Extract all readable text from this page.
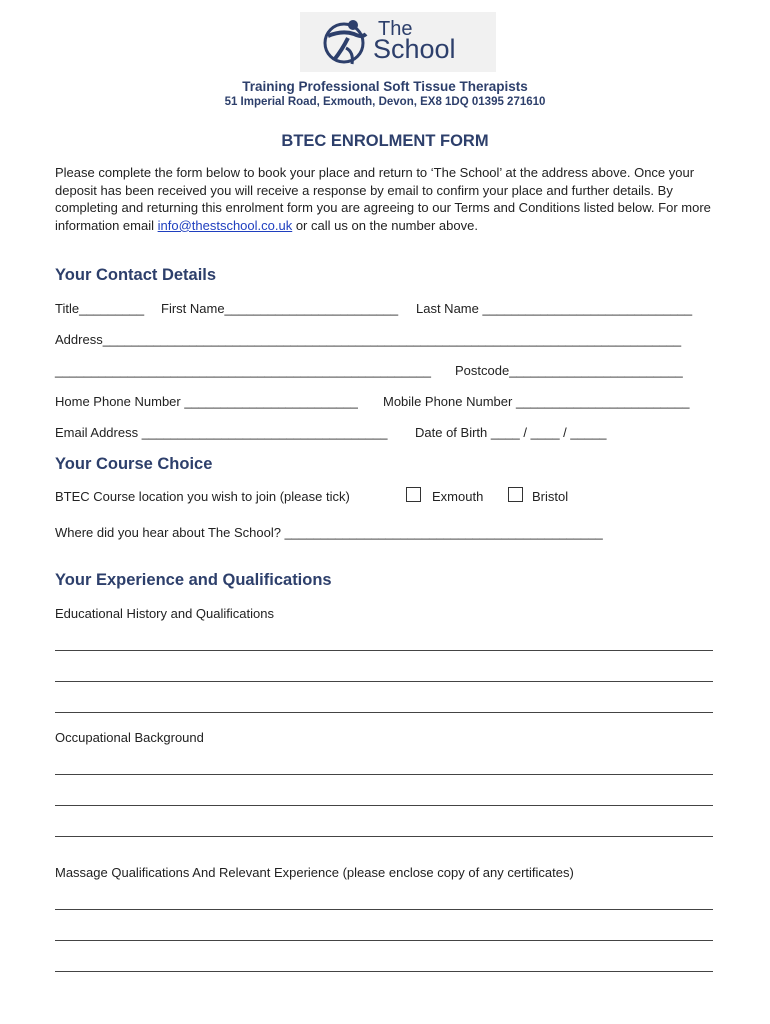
The
School
Training Professional Soft Tissue Therapists
51 Imperial Road, Exmouth, Devon, EX8 1DQ 01395 271610
BTEC ENROLMENT FORM
Please complete the form below to book your place and return to ‘The School’ at the address above. Once your deposit has been received you will receive a response by email to confirm your place and further details. By completing and returning this enrolment form you are agreeing to our Terms and Conditions listed below. For more information email info@thestschool.co.uk or call us on the number above.
Your Contact Details
Title_________ First Name________________________ Last Name _____________________________
Address________________________________________________________________________________
____________________________________________________ Postcode________________________
Home Phone Number ________________________ Mobile Phone Number ________________________
Email Address __________________________________ Date of Birth ____ / ____ / _____
Your Course Choice
BTEC Course location you wish to join (please tick)	Exmouth	Bristol
Where did you hear about The School? ____________________________________________
Your Experience and Qualifications
Educational History and Qualifications
Occupational Background
Massage Qualifications And Relevant Experience (please enclose copy of any certificates)
